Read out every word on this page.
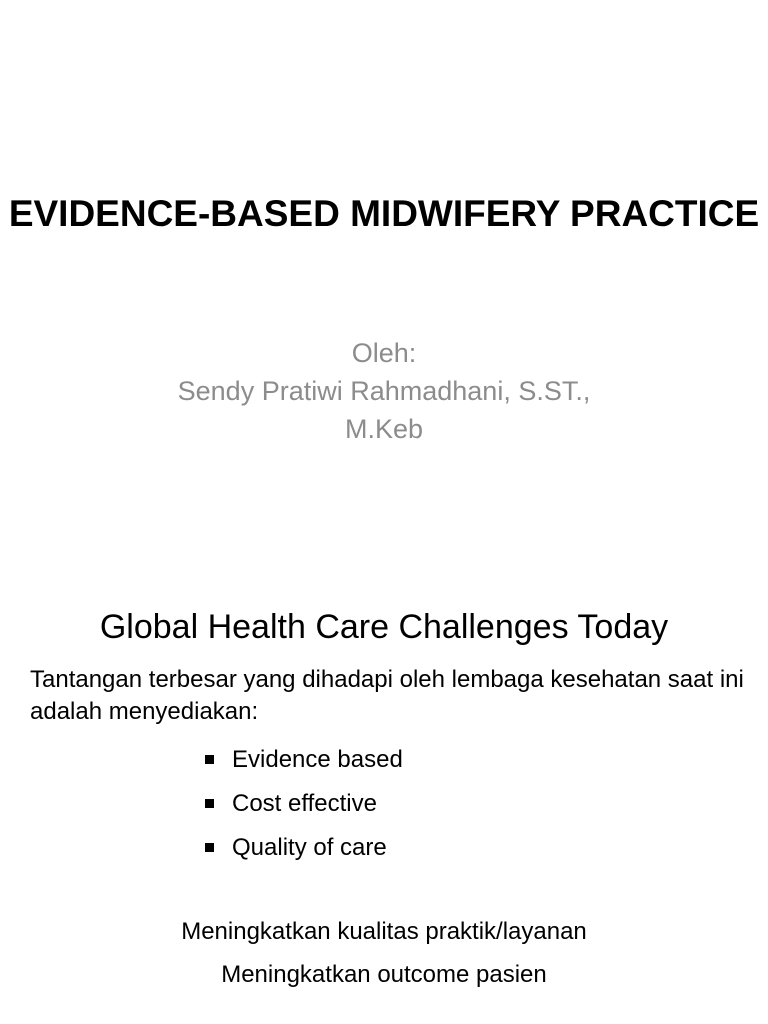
EVIDENCE-BASED MIDWIFERY PRACTICE
Oleh:
Sendy Pratiwi Rahmadhani, S.ST., M.Keb
Global Health Care Challenges Today
Tantangan terbesar yang dihadapi oleh lembaga kesehatan saat ini adalah menyediakan:
Evidence based
Cost effective
Quality of care
Meningkatkan kualitas praktik/layanan
Meningkatkan outcome pasien
